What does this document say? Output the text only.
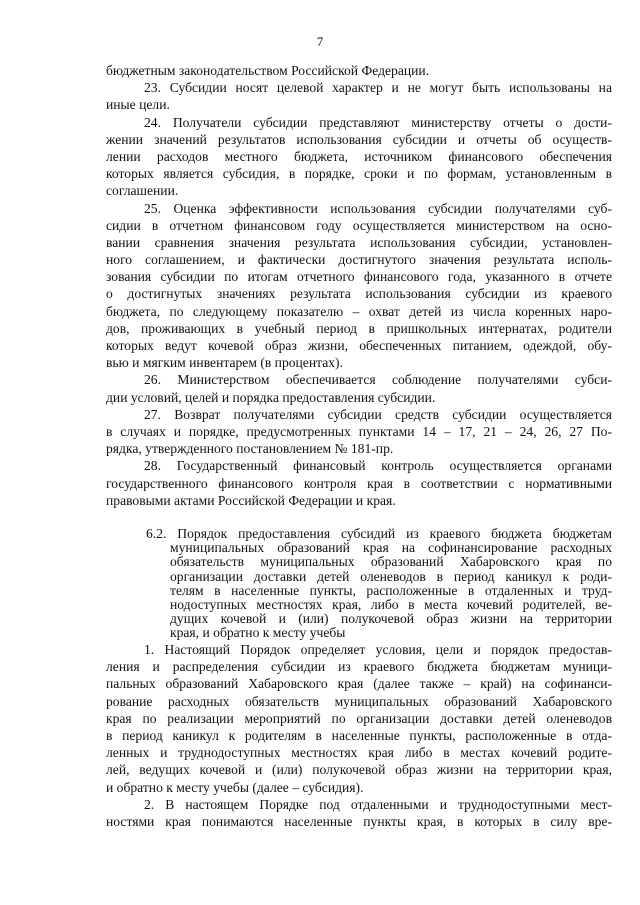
7
бюджетным законодательством Российской Федерации.
23. Субсидии носят целевой характер и не могут быть использованы на
иные цели.
24. Получатели субсидии представляют министерству отчеты о дости-
жении значений результатов использования субсидии и отчеты об осуществ-
лении расходов местного бюджета, источником финансового обеспечения
которых является субсидия, в порядке, сроки и по формам, установленным в
соглашении.
25. Оценка эффективности использования субсидии получателями суб-
сидии в отчетном финансовом году осуществляется министерством на осно-
вании сравнения значения результата использования субсидии, установлен-
ного соглашением, и фактически достигнутого значения результата исполь-
зования субсидии по итогам отчетного финансового года, указанного в отчете
о достигнутых значениях результата использования субсидии из краевого
бюджета, по следующему показателю – охват детей из числа коренных наро-
дов, проживающих в учебный период в пришкольных интернатах, родители
которых ведут кочевой образ жизни, обеспеченных питанием, одеждой, обу-
вью и мягким инвентарем (в процентах).
26. Министерством обеспечивается соблюдение получателями субси-
дии условий, целей и порядка предоставления субсидии.
27. Возврат получателями субсидии средств субсидии осуществляется
в случаях и порядке, предусмотренных пунктами 14 – 17, 21 – 24, 26, 27 По-
рядка, утвержденного постановлением № 181-пр.
28. Государственный финансовый контроль осуществляется органами
государственного финансового контроля края в соответствии с нормативными
правовыми актами Российской Федерации и края.
6.2. Порядок предоставления субсидий из краевого бюджета бюджетам
муниципальных образований края на софинансирование расходных
обязательств муниципальных образований Хабаровского края по
организации доставки детей оленеводов в период каникул к роди-
телям в населенные пункты, расположенные в отдаленных и труд-
нодоступных местностях края, либо в места кочевий родителей, ве-
дущих кочевой и (или) полукочевой образ жизни на территории
края, и обратно к месту учебы
1. Настоящий Порядок определяет условия, цели и порядок предостав-
ления и распределения субсидии из краевого бюджета бюджетам муници-
пальных образований Хабаровского края (далее также – край) на софинанси-
рование расходных обязательств муниципальных образований Хабаровского
края по реализации мероприятий по организации доставки детей оленеводов
в период каникул к родителям в населенные пункты, расположенные в отда-
ленных и труднодоступных местностях края либо в местах кочевий родите-
лей, ведущих кочевой и (или) полукочевой образ жизни на территории края,
и обратно к месту учебы (далее – субсидия).
2. В настоящем Порядке под отдаленными и труднодоступными мест-
ностями края понимаются населенные пункты края, в которых в силу вре-
